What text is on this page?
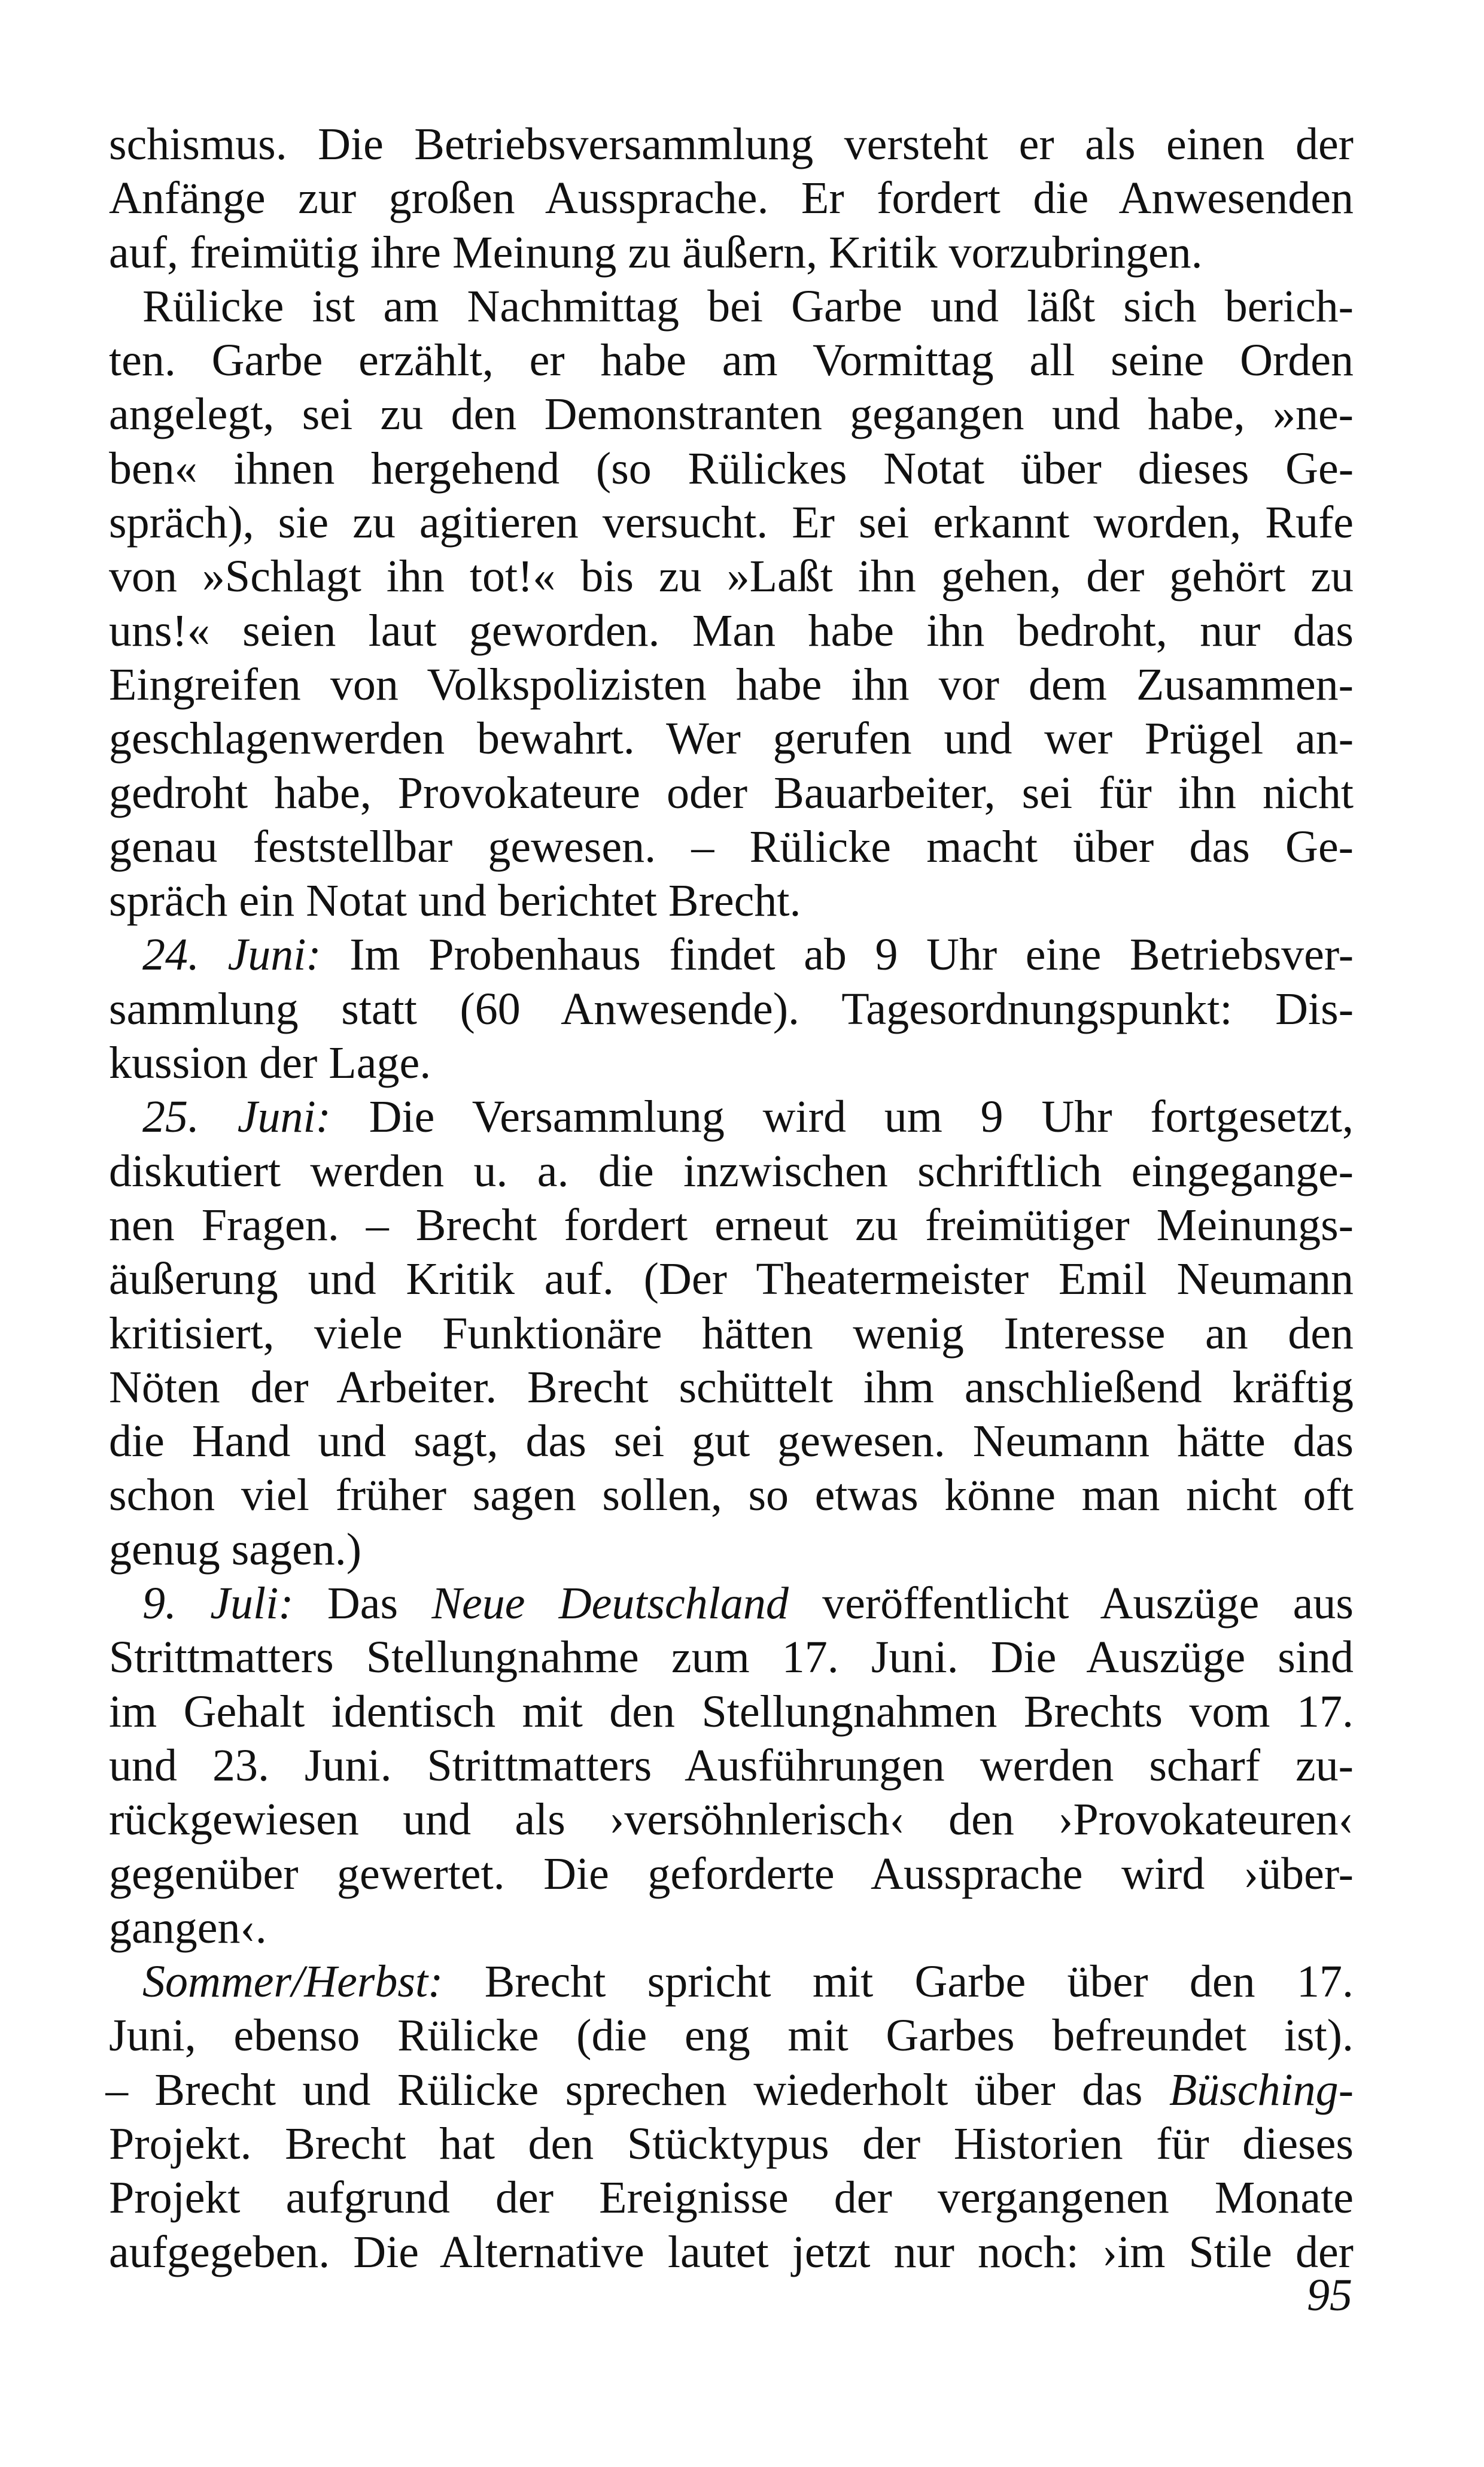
schismus. Die Betriebsversammlung versteht er als einen der
Anfänge zur großen Aussprache. Er fordert die Anwesenden
auf, freimütig ihre Meinung zu äußern, Kritik vorzubringen.
Rülicke ist am Nachmittag bei Garbe und läßt sich berich-
ten. Garbe erzählt, er habe am Vormittag all seine Orden
angelegt, sei zu den Demonstranten gegangen und habe, »ne-
ben« ihnen hergehend (so Rülickes Notat über dieses Ge-
spräch), sie zu agitieren versucht. Er sei erkannt worden, Rufe
von »Schlagt ihn tot!« bis zu »Laßt ihn gehen, der gehört zu
uns!« seien laut geworden. Man habe ihn bedroht, nur das
Eingreifen von Volkspolizisten habe ihn vor dem Zusammen-
geschlagenwerden bewahrt. Wer gerufen und wer Prügel an-
gedroht habe, Provokateure oder Bauarbeiter, sei für ihn nicht
genau feststellbar gewesen. – Rülicke macht über das Ge-
spräch ein Notat und berichtet Brecht.
24. Juni: Im Probenhaus findet ab 9 Uhr eine Betriebsver-
sammlung statt (60 Anwesende). Tagesordnungspunkt: Dis-
kussion der Lage.
25. Juni: Die Versammlung wird um 9 Uhr fortgesetzt,
diskutiert werden u. a. die inzwischen schriftlich eingegange-
nen Fragen. – Brecht fordert erneut zu freimütiger Meinungs-
äußerung und Kritik auf. (Der Theatermeister Emil Neumann
kritisiert, viele Funktionäre hätten wenig Interesse an den
Nöten der Arbeiter. Brecht schüttelt ihm anschließend kräftig
die Hand und sagt, das sei gut gewesen. Neumann hätte das
schon viel früher sagen sollen, so etwas könne man nicht oft
genug sagen.)
9. Juli: Das Neue Deutschland veröffentlicht Auszüge aus
Strittmatters Stellungnahme zum 17. Juni. Die Auszüge sind
im Gehalt identisch mit den Stellungnahmen Brechts vom 17.
und 23. Juni. Strittmatters Ausführungen werden scharf zu-
rückgewiesen und als ›versöhnlerisch‹ den ›Provokateuren‹
gegenüber gewertet. Die geforderte Aussprache wird ›über-
gangen‹.
Sommer/Herbst: Brecht spricht mit Garbe über den 17.
Juni, ebenso Rülicke (die eng mit Garbes befreundet ist).
– Brecht und Rülicke sprechen wiederholt über das Büsching-
Projekt. Brecht hat den Stücktypus der Historien für dieses
Projekt aufgrund der Ereignisse der vergangenen Monate
aufgegeben. Die Alternative lautet jetzt nur noch: ›im Stile der
95
